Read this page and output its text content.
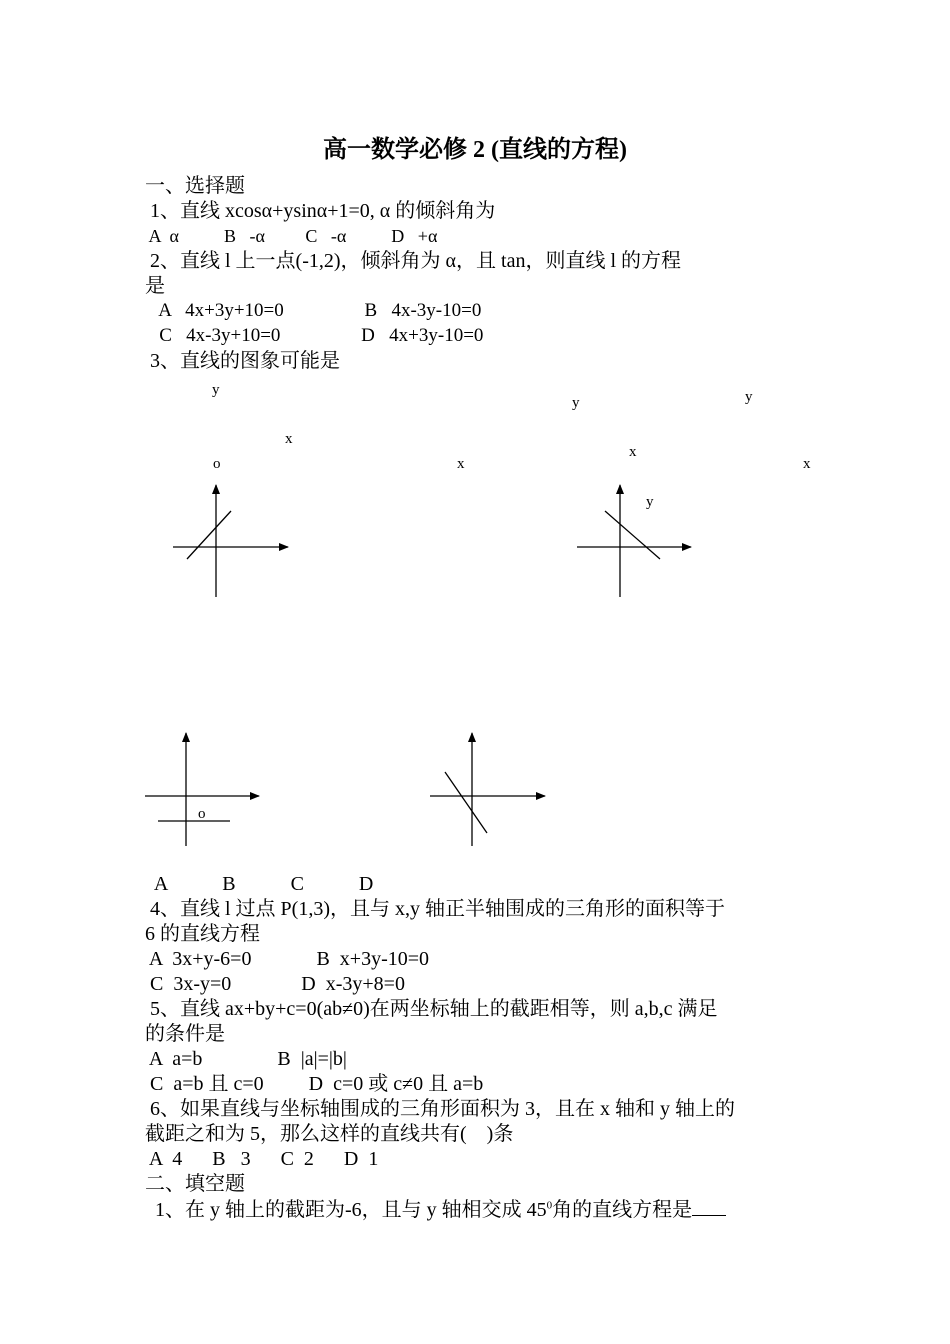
高一数学必修 2 (直线的方程)
一、选择题
1、直线 xcosα+ysinα+1=0, α 的倾斜角为
A  α          B   -α         C   -α          D   +α
2、直线 l 上一点(-1,2)，倾斜角为 α，且 tan，则直线 l 的方程
是
A   4x+3y+10=0                 B   4x-3y-10=0
C   4x-3y+10=0                 D   4x+3y-10=0
3、直线的图象可能是
y
x
o
y
x
x
y
x
y
o
A           B           C           D
4、直线 l 过点 P(1,3)，且与 x,y 轴正半轴围成的三角形的面积等于
6 的直线方程
A  3x+y-6=0             B  x+3y-10=0
C  3x-y=0              D  x-3y+8=0
5、直线 ax+by+c=0(ab≠0)在两坐标轴上的截距相等，则 a,b,c 满足
的条件是
A  a=b               B  |a|=|b|
C  a=b 且 c=0         D  c=0 或 c≠0 且 a=b
6、如果直线与坐标轴围成的三角形面积为 3，且在 x 轴和 y 轴上的
截距之和为 5，那么这样的直线共有(    )条
A  4      B   3      C  2      D  1
二、填空题
1、在 y 轴上的截距为-6，且与 y 轴相交成 $45^0$角的直线方程是
